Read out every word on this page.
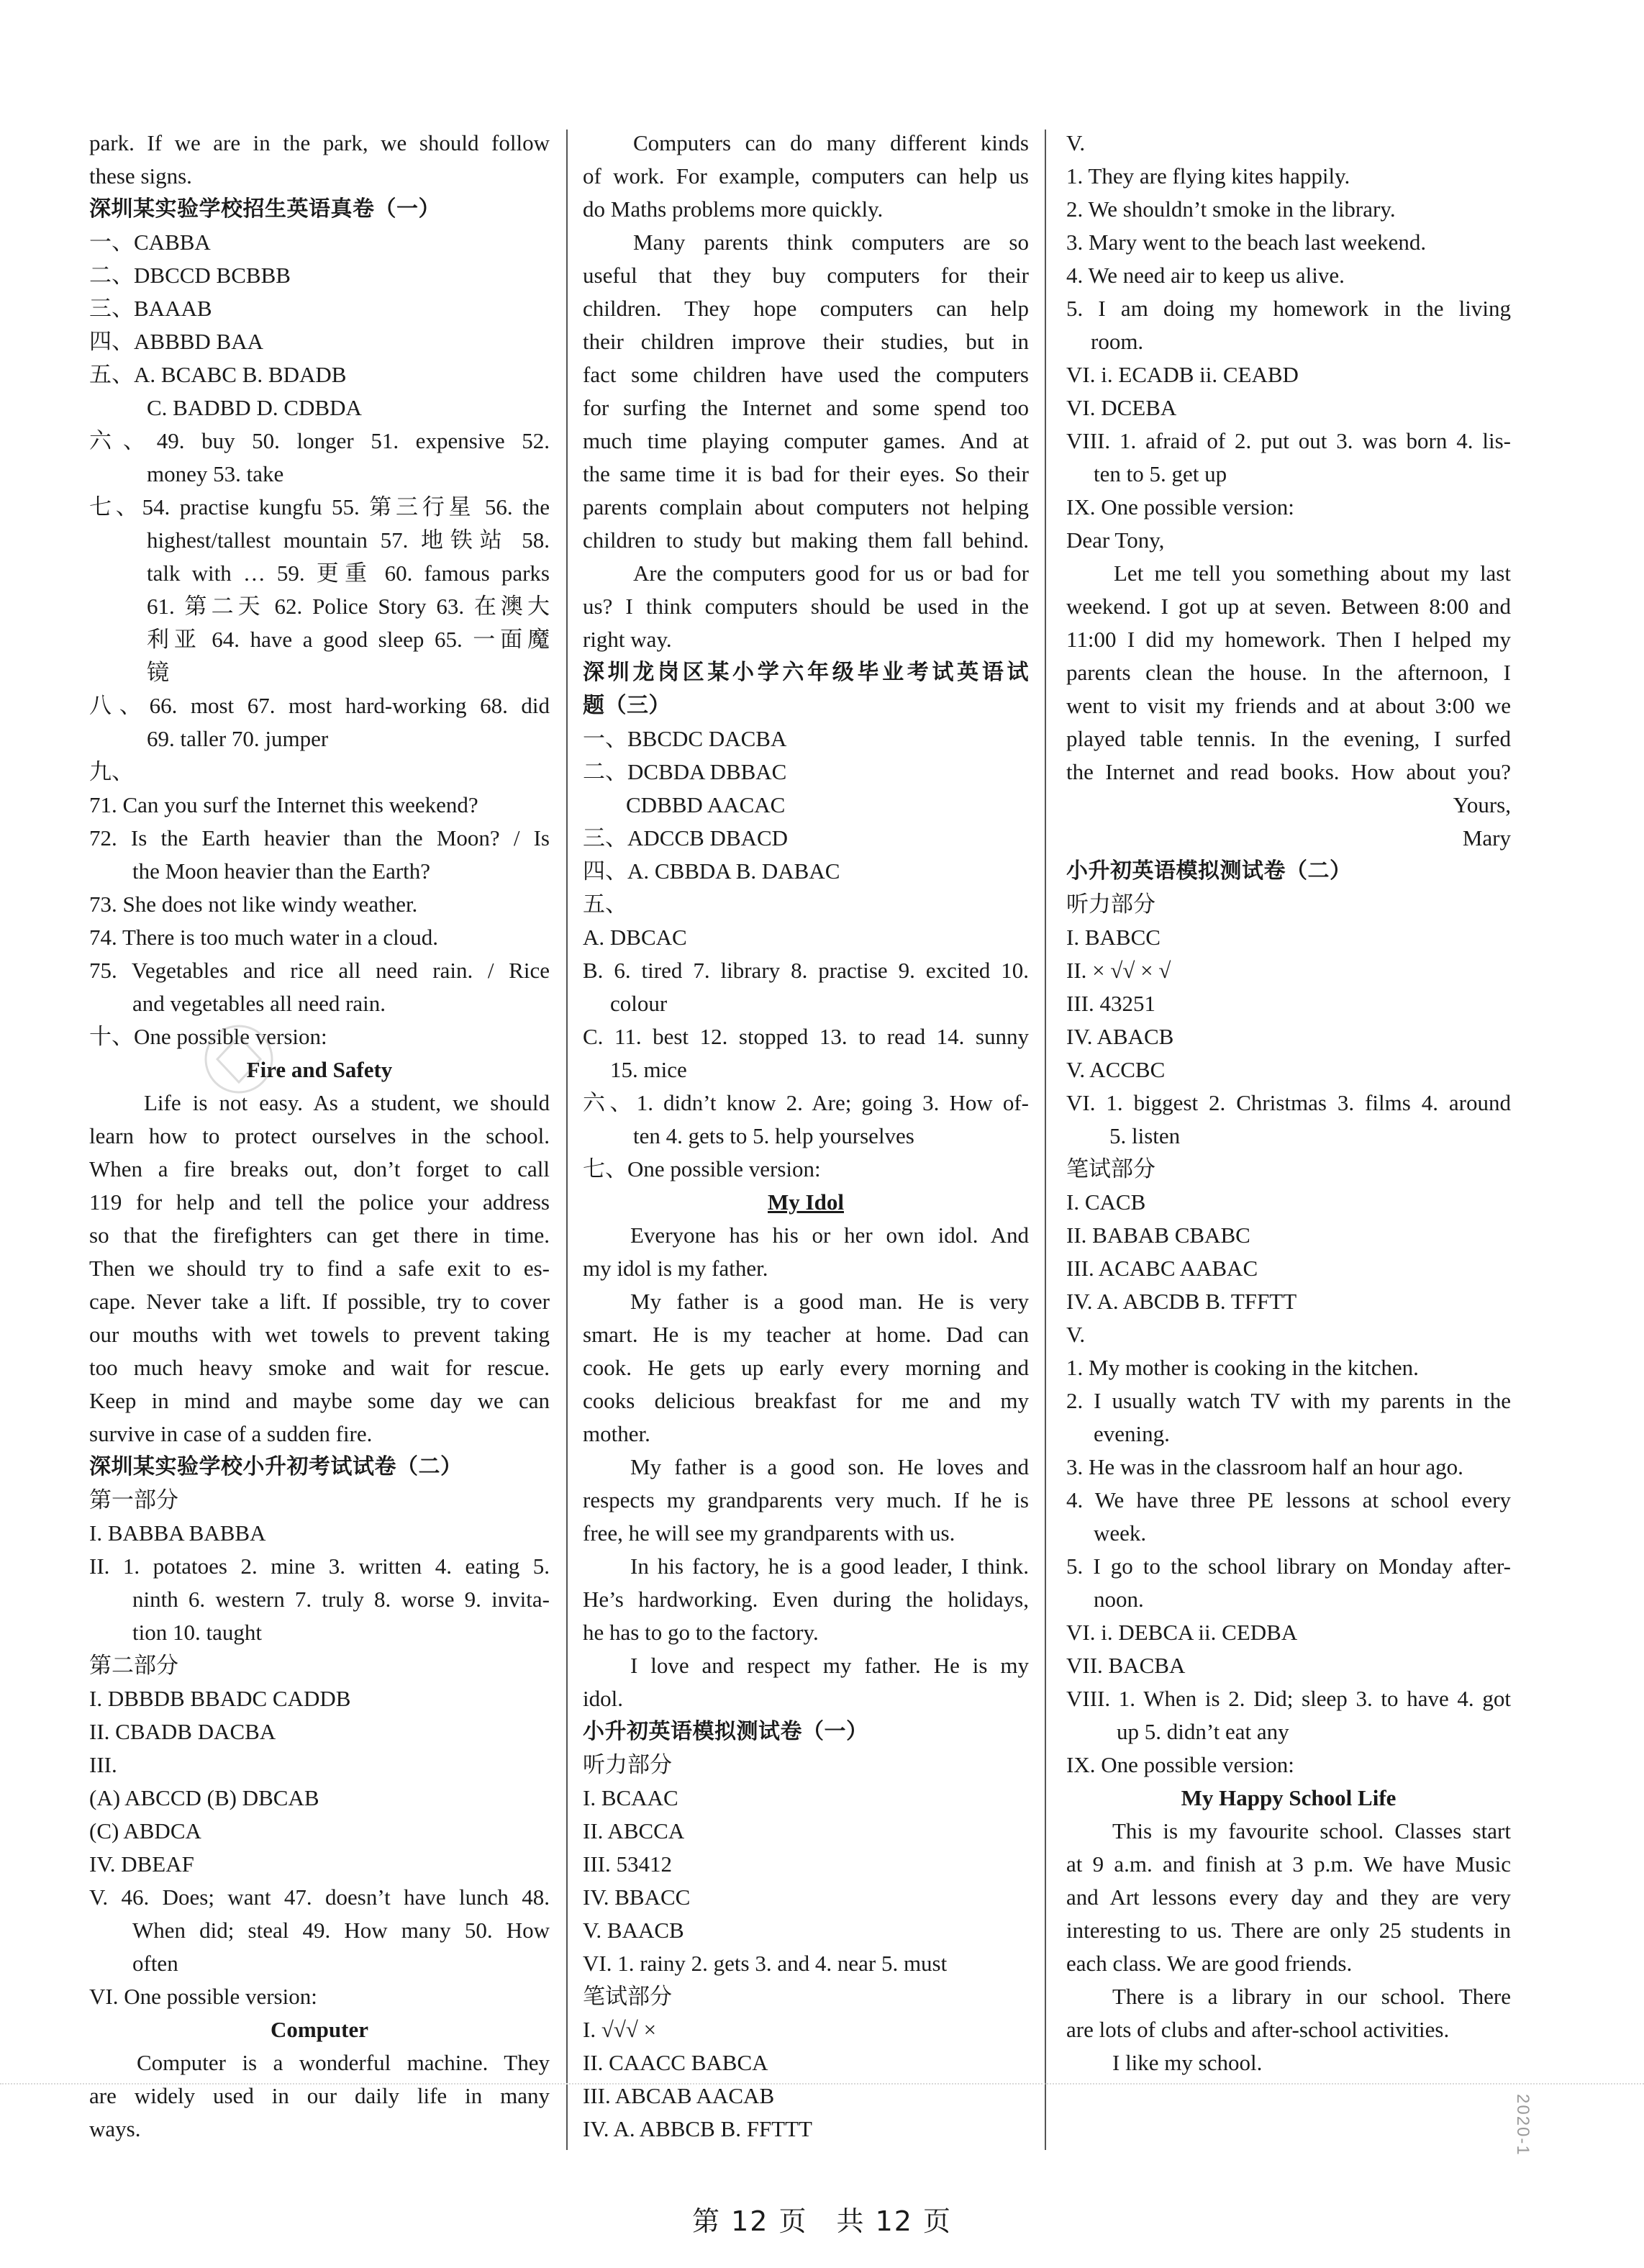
park. If we are in the park, we should follow
these signs.
深圳某实验学校招生英语真卷（一）
一、CABBA
二、DBCCD BCBBB
三、BAAAB
四、ABBBD BAA
五、A. BCABC B. BDADB
C. BADBD D. CDBDA
六、49. buy 50. longer 51. expensive 52.
money 53. take
七、54. practise kungfu 55. 第三行星 56. the
highest/tallest mountain 57. 地铁站 58.
talk with … 59. 更重 60. famous parks
61. 第二天 62. Police Story 63. 在澳大
利亚 64. have a good sleep 65. 一面魔
镜
八、66. most 67. most hard-working 68. did
69. taller 70. jumper
九、
71. Can you surf the Internet this weekend?
72. Is the Earth heavier than the Moon? / Is
the Moon heavier than the Earth?
73. She does not like windy weather.
74. There is too much water in a cloud.
75. Vegetables and rice all need rain. / Rice
and vegetables all need rain.
十、One possible version:
Fire and Safety
Life is not easy. As a student, we should
learn how to protect ourselves in the school.
When a fire breaks out, don’t forget to call
119 for help and tell the police your address
so that the firefighters can get there in time.
Then we should try to find a safe exit to es-
cape. Never take a lift. If possible, try to cover
our mouths with wet towels to prevent taking
too much heavy smoke and wait for rescue.
Keep in mind and maybe some day we can
survive in case of a sudden fire.
深圳某实验学校小升初考试试卷（二）
第一部分
I. BABBA BABBA
II. 1. potatoes 2. mine 3. written 4. eating 5.
ninth 6. western 7. truly 8. worse 9. invita-
tion 10. taught
第二部分
I. DBBDB BBADC CADDB
II. CBADB DACBA
III.
(A) ABCCD (B) DBCAB
(C) ABDCA
IV. DBEAF
V. 46. Does; want 47. doesn’t have lunch 48.
When did; steal 49. How many 50. How
often
VI. One possible version:
Computer
Computer is a wonderful machine. They
are widely used in our daily life in many
ways.
Computers can do many different kinds
of work. For example, computers can help us
do Maths problems more quickly.
Many parents think computers are so
useful that they buy computers for their
children. They hope computers can help
their children improve their studies, but in
fact some children have used the computers
for surfing the Internet and some spend too
much time playing computer games. And at
the same time it is bad for their eyes. So their
parents complain about computers not helping
children to study but making them fall behind.
Are the computers good for us or bad for
us? I think computers should be used in the
right way.
深圳龙岗区某小学六年级毕业考试英语试
题（三）
一、BBCDC DACBA
二、DCBDA DBBAC
CDBBD AACAC
三、ADCCB DBACD
四、A. CBBDA B. DABAC
五、
A. DBCAC
B. 6. tired 7. library 8. practise 9. excited 10.
colour
C. 11. best 12. stopped 13. to read 14. sunny
15. mice
六、1. didn’t know 2. Are; going 3. How of-
ten 4. gets to 5. help yourselves
七、One possible version:
My Idol
Everyone has his or her own idol. And
my idol is my father.
My father is a good man. He is very
smart. He is my teacher at home. Dad can
cook. He gets up early every morning and
cooks delicious breakfast for me and my
mother.
My father is a good son. He loves and
respects my grandparents very much. If he is
free, he will see my grandparents with us.
In his factory, he is a good leader, I think.
He’s hardworking. Even during the holidays,
he has to go to the factory.
I love and respect my father. He is my
idol.
小升初英语模拟测试卷（一）
听力部分
I. BCAAC
II. ABCCA
III. 53412
IV. BBACC
V. BAACB
VI. 1. rainy 2. gets 3. and 4. near 5. must
笔试部分
I. √√√ ×
II. CAACC BABCA
III. ABCAB AACAB
IV. A. ABBCB B. FFTTT
V.
1. They are flying kites happily.
2. We shouldn’t smoke in the library.
3. Mary went to the beach last weekend.
4. We need air to keep us alive.
5. I am doing my homework in the living
room.
VI. i. ECADB ii. CEABD
VI. DCEBA
VIII. 1. afraid of 2. put out 3. was born 4. lis-
ten to 5. get up
IX. One possible version:
Dear Tony,
Let me tell you something about my last
weekend. I got up at seven. Between 8:00 and
11:00 I did my homework. Then I helped my
parents clean the house. In the afternoon, I
went to visit my friends and at about 3:00 we
played table tennis. In the evening, I surfed
the Internet and read books. How about you?
Yours,
Mary
小升初英语模拟测试卷（二）
听力部分
I. BABCC
II. × √√ × √
III. 43251
IV. ABACB
V. ACCBC
VI. 1. biggest 2. Christmas 3. films 4. around
5. listen
笔试部分
I. CACB
II. BABAB CBABC
III. ACABC AABAC
IV. A. ABCDB B. TFFTT
V.
1. My mother is cooking in the kitchen.
2. I usually watch TV with my parents in the
evening.
3. He was in the classroom half an hour ago.
4. We have three PE lessons at school every
week.
5. I go to the school library on Monday after-
noon.
VI. i. DEBCA ii. CEDBA
VII. BACBA
VIII. 1. When is 2. Did; sleep 3. to have 4. got
up 5. didn’t eat any
IX. One possible version:
My Happy School Life
This is my favourite school. Classes start
at 9 a.m. and finish at 3 p.m. We have Music
and Art lessons every day and they are very
interesting to us. There are only 25 students in
each class. We are good friends.
There is a library in our school. There
are lots of clubs and after-school activities.
I like my school.
第 12 页　共 12 页
2020-1
